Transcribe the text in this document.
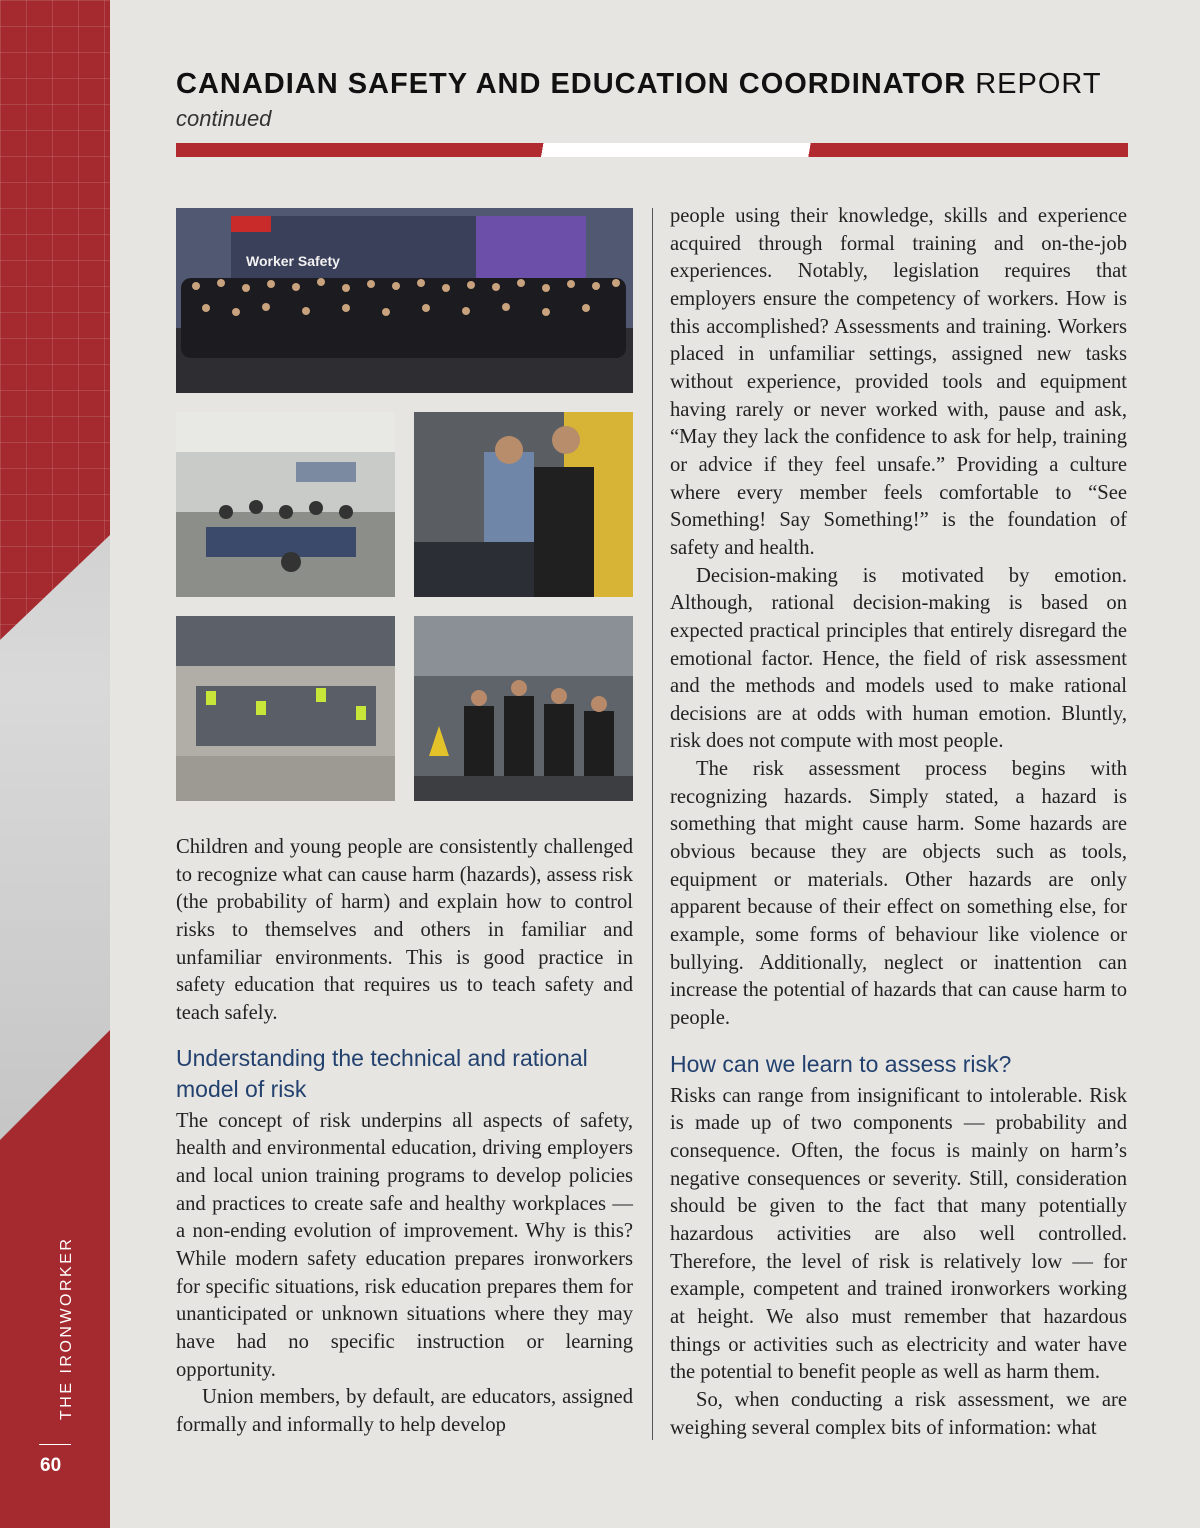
THE IRONWORKER
60
CANADIAN SAFETY AND EDUCATION COORDINATOR REPORT
continued
Worker Safety

Children and young people are consistently challenged to recognize what can cause harm (hazards), assess risk (the probability of harm) and explain how to control risks to themselves and others in familiar and unfamiliar environments. This is good practice in safety education that requires us to teach safety and teach safely.

Understanding the technical and rational model of risk

The concept of risk underpins all aspects of safety, health and environmental education, driving employers and local union training programs to develop policies and practices to create safe and healthy workplaces — a non-ending evolution of improvement. Why is this? While modern safety education prepares ironworkers for specific situations, risk education prepares them for unanticipated or unknown situations where they may have had no specific instruction or learning opportunity.

Union members, by default, are educators, assigned formally and informally to help develop

people using their knowledge, skills and experience acquired through formal training and on-the-job experiences. Notably, legislation requires that employers ensure the competency of workers. How is this accomplished? Assessments and training. Workers placed in unfamiliar settings, assigned new tasks without experience, provided tools and equipment having rarely or never worked with, pause and ask, “May they lack the confidence to ask for help, training or advice if they feel unsafe.” Providing a culture where every member feels comfortable to “See Something! Say Something!” is the foundation of safety and health.

Decision-making is motivated by emotion. Although, rational decision-making is based on expected practical principles that entirely disregard the emotional factor. Hence, the field of risk assessment and the methods and models used to make rational decisions are at odds with human emotion. Bluntly, risk does not compute with most people.

The risk assessment process begins with recognizing hazards. Simply stated, a hazard is something that might cause harm. Some hazards are obvious because they are objects such as tools, equipment or materials. Other hazards are only apparent because of their effect on something else, for example, some forms of behaviour like violence or bullying. Additionally, neglect or inattention can increase the potential of hazards that can cause harm to people.

How can we learn to assess risk?

Risks can range from insignificant to intolerable. Risk is made up of two components — probability and consequence. Often, the focus is mainly on harm’s negative consequences or severity. Still, consideration should be given to the fact that many potentially hazardous activities are also well controlled. Therefore, the level of risk is relatively low — for example, competent and trained ironworkers working at height. We also must remember that hazardous things or activities such as electricity and water have the potential to benefit people as well as harm them.

So, when conducting a risk assessment, we are weighing several complex bits of information: what
